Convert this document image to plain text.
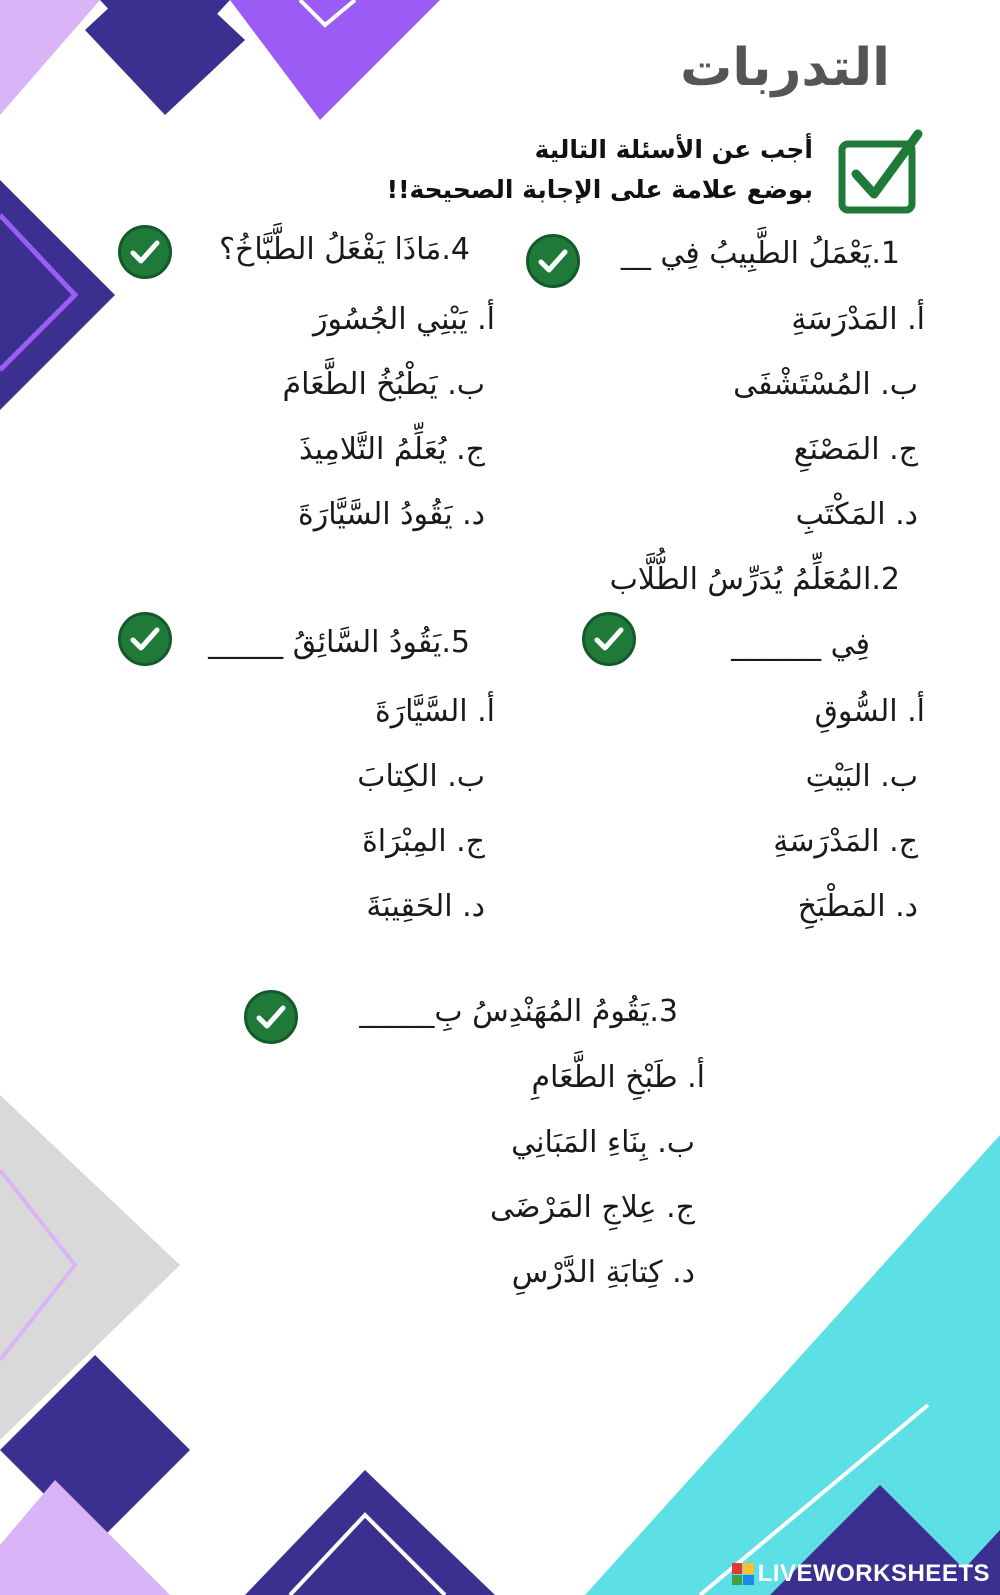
التدربات
أجب عن الأسئلة التالية
بوضع علامة على الإجابة الصحيحة!!
1.يَعْمَلُ الطَّبِيبُ فِي __
أ. المَدْرَسَةِ
ب. المُسْتَشْفَى
ج. المَصْنَعِ
د. المَكْتَبِ
2.المُعَلِّمُ يُدَرِّسُ الطُّلَّاب
فِي ______
أ. السُّوقِ
ب. البَيْتِ
ج. المَدْرَسَةِ
د. المَطْبَخِ
4.مَاذَا يَفْعَلُ الطَّبَّاخُ؟
أ. يَبْنِي الجُسُورَ
ب. يَطْبُخُ الطَّعَامَ
ج. يُعَلِّمُ التَّلامِيذَ
د. يَقُودُ السَّيَّارَةَ
5.يَقُودُ السَّائِقُ _____
أ. السَّيَّارَةَ
ب. الكِتابَ
ج. المِبْرَاةَ
د. الحَقِيبَةَ
3.يَقُومُ المُهَنْدِسُ بِ_____
أ. طَبْخِ الطَّعَامِ
ب. بِنَاءِ المَبَانِي
ج. عِلاجِ المَرْضَى
د. كِتابَةِ الدَّرْسِ
LIVEWORKSHEETS
